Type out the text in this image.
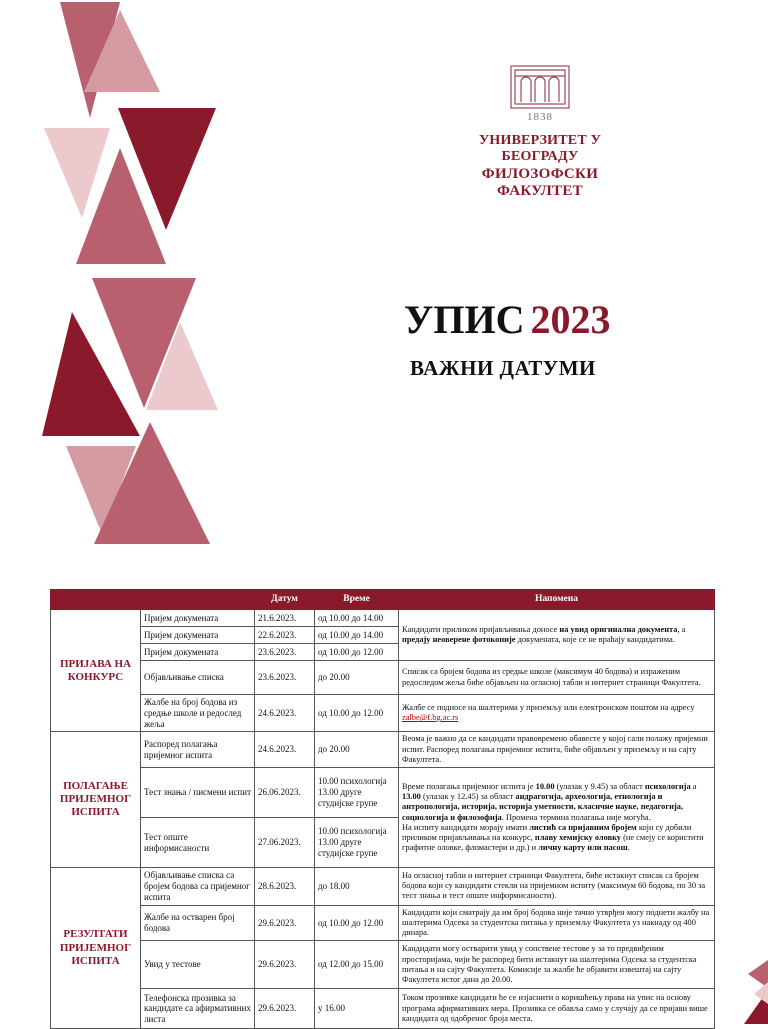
1838
УНИВЕРЗИТЕТ У БЕОГРАДУ
ФИЛОЗОФСКИ ФАКУЛТЕТ
УПИС 2023
ВАЖНИ ДАТУМИ
		Датум	Време	Напомена
ПРИЈАВА НА КОНКУРС	Пријем докумената	21.6.2023.	од 10.00 до 14.00	Кандидати приликом пријављивања доносе на увид оригинална документа, а предају неоверене фотокопије докумената, које се не враћају кандидатима.
	Пријем докумената	22.6.2023.	од 10.00 до 14.00	
	Пријем докумената	23.6.2023.	од 10.00 до 12.00	
	Објављивање списка	23.6.2023.	до 20.00	Списак са бројем бодова из средње школе (максимум 40 бодова) и израженим редоследом жеља биће објављен на огласној табли и интернет страници Факултета.
	Жалбе на број бодова из средње школе и редослед жеља	24.6.2023.	од 10.00 до 12.00	Жалбе се подносе на шалтерима у приземљу или електронском поштом на адресу zalbe@f.bg.ac.rs
ПОЛАГАЊЕ ПРИЈЕМНОГ ИСПИТА	Распоред полагања пријемног испита	24.6.2023.	до 20.00	Веома је важно да се кандидати правовремено обавесте у којој сали полажу пријемни испит. Распоред полагања пријемног испита, биће објављен у приземљу и на сајту Факултета.
	Тест знања / писмени испит	26.06.2023.	10.00 психологија 13.00 друге студијске групе	Време полагања пријемног испита је 10.00 (улазак у 9.45) за област психологија а 13.00 (улазак у 12.45) за област андрагогија, археологија, етнологија и антропологија, историја, историја уметности, класичне науке, педагогија, социологија и филозофија. Промена термина полагања није могућа.
На испиту кандидати морају имати листић са пријавним бројем који су добили приликом пријављивања на конкурс, плаву хемијску оловку (не смеју се користити графитне оловке, фломастери и др.) и личну карту или пасош.
	Тест опште информисаности	27.06.2023.	10.00 психологија 13.00 друге студијске групе	
РЕЗУЛТАТИ ПРИЈЕМНОГ ИСПИТА	Објављивање списка са бројем бодова са пријемног испита	28.6.2023.	до 18.00	На огласној табли и интернет страници Факултета, биће истакнут списак са бројем бодова који су кандидати стекли на пријемном испиту (максимум 60 бодова, по 30 за тест знања и тест опште информисаности).
	Жалбе на остварен број бодова	29.6.2023.	од 10.00 до 12.00	Кандидати који сматрају да им број бодова није тачно утврђен могу поднети жалбу на шалтерима Одсека за студентска питања у приземљу Факултета уз накнаду од 400 динара.
	Увид у тестове	29.6.2023.	од 12.00 до 15.00	Кандидати могу остварити увид у сопствене тестове у за то предвиђеним просторијама, чији ће распоред бити истакнут на шалтерима Одсека за студентска питања и на сајту Факултета. Комисије за жалбе ће објавити извештај на сајту Факултета истог дана до 20.00.
	Телефонска прозивка за кандидате са афирмативних листа	29.6.2023.	у 16.00	Током прозивке кандидати ће се изјаснити о коришћењу права на упис на основу програма афирмативних мера. Прозивка се обавља само у случају да се пријави више кандидата од одобреног броја места.
